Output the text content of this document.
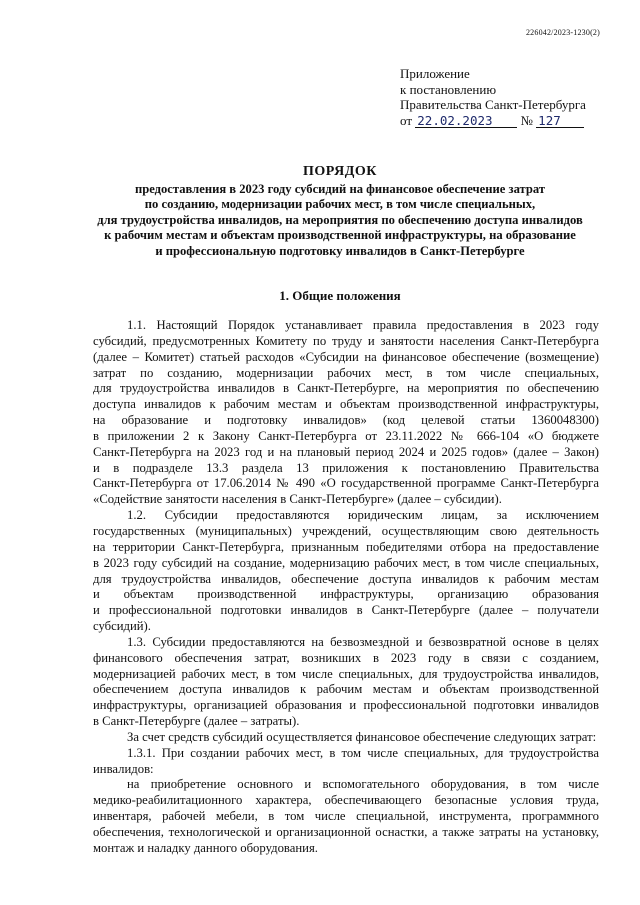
226042/2023-1230(2)
Приложение
к постановлению
Правительства Санкт-Петербурга
от 22.02.2023 № 127
ПОРЯДОК
предоставления в 2023 году субсидий на финансовое обеспечение затрат
по созданию, модернизации рабочих мест, в том числе специальных,
для трудоустройства инвалидов, на мероприятия по обеспечению доступа инвалидов
к рабочим местам и объектам производственной инфраструктуры, на образование
и профессиональную подготовку инвалидов в Санкт-Петербурге
1. Общие положения

1.1. Настоящий Порядок устанавливает правила предоставления в 2023 году
субсидий, предусмотренных Комитету по труду и занятости населения Санкт-Петербурга
(далее – Комитет) статьей расходов «Субсидии на финансовое обеспечение (возмещение)
затрат по созданию, модернизации рабочих мест, в том числе специальных,
для трудоустройства инвалидов в Санкт-Петербурге, на мероприятия по обеспечению
доступа инвалидов к рабочим местам и объектам производственной инфраструктуры,
на образование и подготовку инвалидов» (код целевой статьи 1360048300)
в приложении 2 к Закону Санкт-Петербурга от 23.11.2022 № 666-104 «О бюджете
Санкт-Петербурга на 2023 год и на плановый период 2024 и 2025 годов» (далее – Закон)
и в подразделе 13.3 раздела 13 приложения к постановлению Правительства
Санкт-Петербурга от 17.06.2014 № 490 «О государственной программе Санкт-Петербурга
«Содействие занятости населения в Санкт-Петербурге» (далее – субсидии).

1.2. Субсидии предоставляются юридическим лицам, за исключением
государственных (муниципальных) учреждений, осуществляющим свою деятельность
на территории Санкт-Петербурга, признанным победителями отбора на предоставление
в 2023 году субсидий на создание, модернизацию рабочих мест, в том числе специальных,
для трудоустройства инвалидов, обеспечение доступа инвалидов к рабочим местам
и объектам производственной инфраструктуры, организацию образования
и профессиональной подготовки инвалидов в Санкт-Петербурге (далее – получатели
субсидий).

1.3. Субсидии предоставляются на безвозмездной и безвозвратной основе в целях
финансового обеспечения затрат, возникших в 2023 году в связи с созданием,
модернизацией рабочих мест, в том числе специальных, для трудоустройства инвалидов,
обеспечением доступа инвалидов к рабочим местам и объектам производственной
инфраструктуры, организацией образования и профессиональной подготовки инвалидов
в Санкт-Петербурге (далее – затраты).

За счет средств субсидий осуществляется финансовое обеспечение следующих затрат:

1.3.1. При создании рабочих мест, в том числе специальных, для трудоустройства
инвалидов:

на приобретение основного и вспомогательного оборудования, в том числе
медико-реабилитационного характера, обеспечивающего безопасные условия труда,
инвентаря, рабочей мебели, в том числе специальной, инструмента, программного
обеспечения, технологической и организационной оснастки, а также затраты на установку,
монтаж и наладку данного оборудования.
